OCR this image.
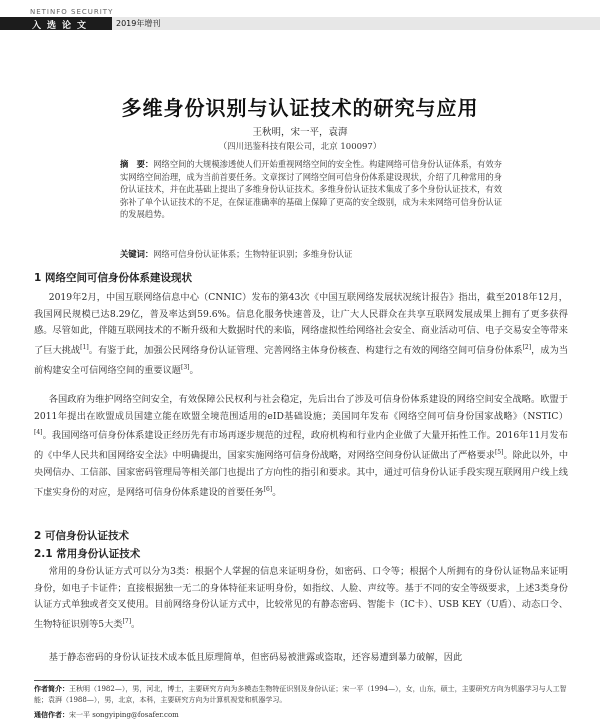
NETINFO SECURITY
入选论文	2019年增刊
多维身份识别与认证技术的研究与应用
王秋明，宋一平，袁湃
（四川迅鉴科技有限公司，北京 100097）
摘　要：网络空间的大规模渗透使人们开始重视网络空间的安全性。构建网络可信身份认证体系，有效夯实网络空间治理，成为当前首要任务。文章探讨了网络空间可信身份体系建设现状，介绍了几种常用的身份认证技术，并在此基础上提出了多维身份认证技术。多维身份认证技术集成了多个身份认证技术，有效弥补了单个认证技术的不足，在保证准确率的基础上保障了更高的安全级别，成为未来网络可信身份认证的发展趋势。
关键词：网络可信身份认证体系；生物特征识别；多维身份认证
1 网络空间可信身份体系建设现状
2019年2月，中国互联网络信息中心（CNNIC）发布的第43次《中国互联网络发展状况统计报告》指出，截至2018年12月，我国网民规模已达8.29亿，普及率达到59.6%。信息化服务快速普及，让广大人民群众在共享互联网发展成果上拥有了更多获得感。尽管如此，伴随互联网技术的不断升级和大数据时代的来临，网络虚拟性给网络社会安全、商业活动可信、电子交易安全等带来了巨大挑战[1]。有鉴于此，加强公民网络身份认证管理、完善网络主体身份核查、构建行之有效的网络空间可信身份体系[2]，成为当前构建安全可信网络空间的重要议题[3]。
各国政府为维护网络空间安全，有效保障公民权利与社会稳定，先后出台了涉及可信身份体系建设的网络空间安全战略。欧盟于2011年提出在欧盟成员国建立能在欧盟全境范围适用的eID基础设施；美国同年发布《网络空间可信身份国家战略》（NSTIC）[4]。我国网络可信身份体系建设正经历先有市场再逐步规范的过程，政府机构和行业内企业做了大量开拓性工作。2016年11月发布的《中华人民共和国网络安全法》中明确提出，国家实施网络可信身份战略，对网络空间身份认证做出了严格要求[5]。除此以外，中央网信办、工信部、国家密码管理局等相关部门也提出了方向性的指引和要求。其中，通过可信身份认证手段实现互联网用户线上线下虚实身份的对应，是网络可信身份体系建设的首要任务[6]。
2 可信身份认证技术
2.1 常用身份认证技术
常用的身份认证方式可以分为3类：根据个人掌握的信息来证明身份，如密码、口令等；根据个人所拥有的身份认证物品来证明身份，如电子卡证件；直接根据独一无二的身体特征来证明身份，如指纹、人脸、声纹等。基于不同的安全等级要求，上述3类身份认证方式单独或者交叉使用。目前网络身份认证方式中，比较常见的有静态密码、智能卡（IC卡）、USB KEY（U盾）、动态口令、生物特征识别等5大类[7]。
基于静态密码的身份认证技术成本低且原理简单，但密码易被泄露或盗取，还容易遭到暴力破解，因此
作者简介：王秋明（1982—），男，河北，博士，主要研究方向为多模态生物特征识别及身份认证；宋一平（1994—），女，山东，硕士，主要研究方向为机器学习与人工智能；袁湃（1988—），男，北京，本科，主要研究方向为计算机视觉和机器学习。
通信作者：宋一平 songyiping@fosafer.com
